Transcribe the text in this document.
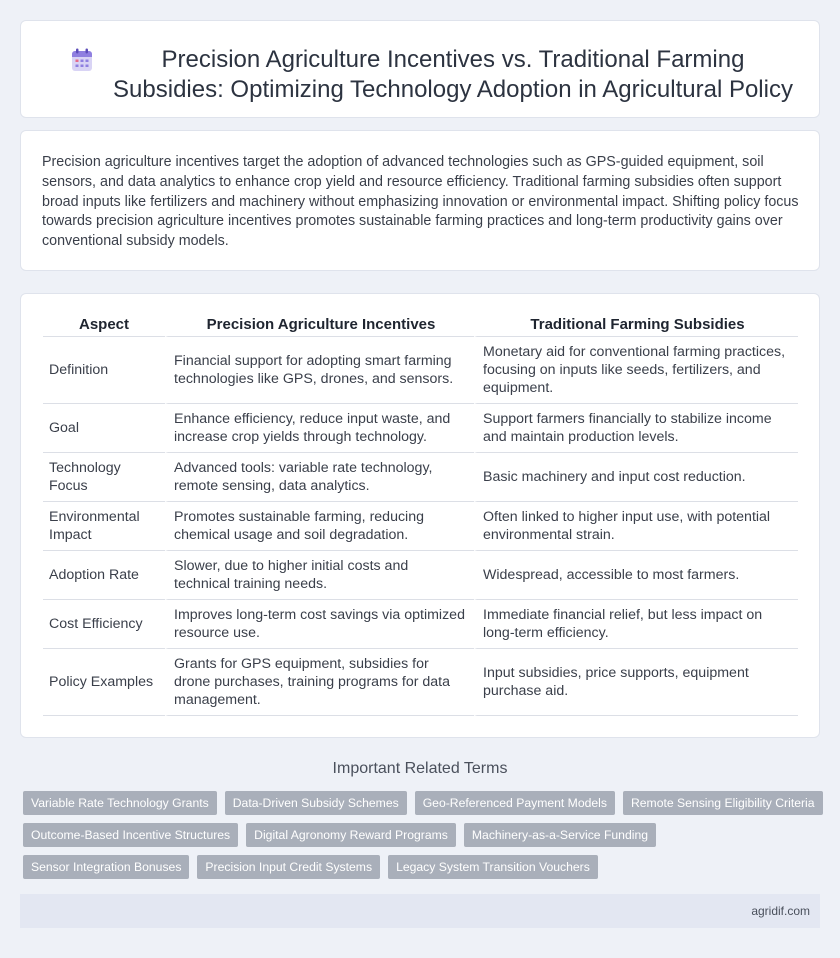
Precision Agriculture Incentives vs. Traditional Farming Subsidies: Optimizing Technology Adoption in Agricultural Policy

Precision agriculture incentives target the adoption of advanced technologies such as GPS-guided equipment, soil sensors, and data analytics to enhance crop yield and resource efficiency. Traditional farming subsidies often support broad inputs like fertilizers and machinery without emphasizing innovation or environmental impact. Shifting policy focus towards precision agriculture incentives promotes sustainable farming practices and long-term productivity gains over conventional subsidy models.

Aspect	Precision Agriculture Incentives	Traditional Farming Subsidies
Definition	Financial support for adopting smart farming technologies like GPS, drones, and sensors.	Monetary aid for conventional farming practices, focusing on inputs like seeds, fertilizers, and equipment.
Goal	Enhance efficiency, reduce input waste, and increase crop yields through technology.	Support farmers financially to stabilize income and maintain production levels.
Technology Focus	Advanced tools: variable rate technology, remote sensing, data analytics.	Basic machinery and input cost reduction.
Environmental Impact	Promotes sustainable farming, reducing chemical usage and soil degradation.	Often linked to higher input use, with potential environmental strain.
Adoption Rate	Slower, due to higher initial costs and technical training needs.	Widespread, accessible to most farmers.
Cost Efficiency	Improves long-term cost savings via optimized resource use.	Immediate financial relief, but less impact on long-term efficiency.
Policy Examples	Grants for GPS equipment, subsidies for drone purchases, training programs for data management.	Input subsidies, price supports, equipment purchase aid.
Important Related Terms
Variable Rate Technology Grants	Data-Driven Subsidy Schemes	Geo-Referenced Payment Models	Remote Sensing Eligibility Criteria
Outcome-Based Incentive Structures	Digital Agronomy Reward Programs	Machinery-as-a-Service Funding
Sensor Integration Bonuses	Precision Input Credit Systems	Legacy System Transition Vouchers
agridif.com
